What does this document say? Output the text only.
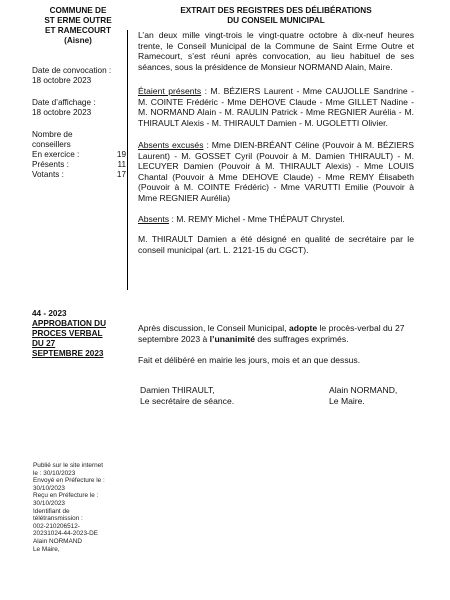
COMMUNE DE
ST ERME OUTRE
ET RAMECOURT
(Aisne)
Date de convocation :
18 octobre 2023
Date d’affichage :
18 octobre 2023
Nombre de
conseillers
En exercice :	19
Présents :	11
Votants :	17
44 - 2023
APPROBATION DU
PROCES VERBAL
DU 27
SEPTEMBRE 2023
Publié sur le site internet
le : 30/10/2023
Envoyé en Préfecture le :
30/10/2023
Reçu en Préfecture le :
30/10/2023
Identifiant de
télétransmission :
002-210206512-
20231024-44-2023-DE
Alain NORMAND
Le Maire,
EXTRAIT DES REGISTRES DES DÉLIBÉRATIONS
DU CONSEIL MUNICIPAL
L’an deux mille vingt-trois le vingt-quatre octobre à dix-neuf heures trente, le Conseil Municipal de la Commune de Saint Erme Outre et Ramecourt, s’est réuni après convocation, au lieu habituel de ses séances, sous la présidence de Monsieur NORMAND Alain, Maire.
Étaient présents : M. BÉZIERS Laurent - Mme CAUJOLLE Sandrine - M. COINTE Frédéric - Mme DEHOVE Claude - Mme GILLET Nadine - M. NORMAND Alain - M. RAULIN Patrick - Mme REGNIER Aurélia - M. THIRAULT Alexis - M. THIRAULT Damien - M. UGOLETTI Olivier.
Absents excusés : Mme DIEN-BRÉANT Céline (Pouvoir à M. BÉZIERS Laurent) - M. GOSSET Cyril (Pouvoir à M. Damien THIRAULT) - M. LECUYER Damien (Pouvoir à M. THIRAULT Alexis) - Mme LOUIS Chantal (Pouvoir à Mme DEHOVE Claude) - Mme REMY Élisabeth (Pouvoir à M. COINTE Frédéric) - Mme VARUTTI Emilie (Pouvoir à Mme REGNIER Aurélia)
Absents : M. REMY Michel - Mme THÉPAUT Chrystel.
M. THIRAULT Damien a été désigné en qualité de secrétaire par le conseil municipal (art. L. 2121-15 du CGCT).
Après discussion, le Conseil Municipal, adopte le procès-verbal du 27 septembre 2023 à l’unanimité des suffrages exprimés.
Fait et délibéré en mairie les jours, mois et an que dessus.
Damien THIRAULT,
Le secrétaire de séance.
Alain NORMAND,
Le Maire.
